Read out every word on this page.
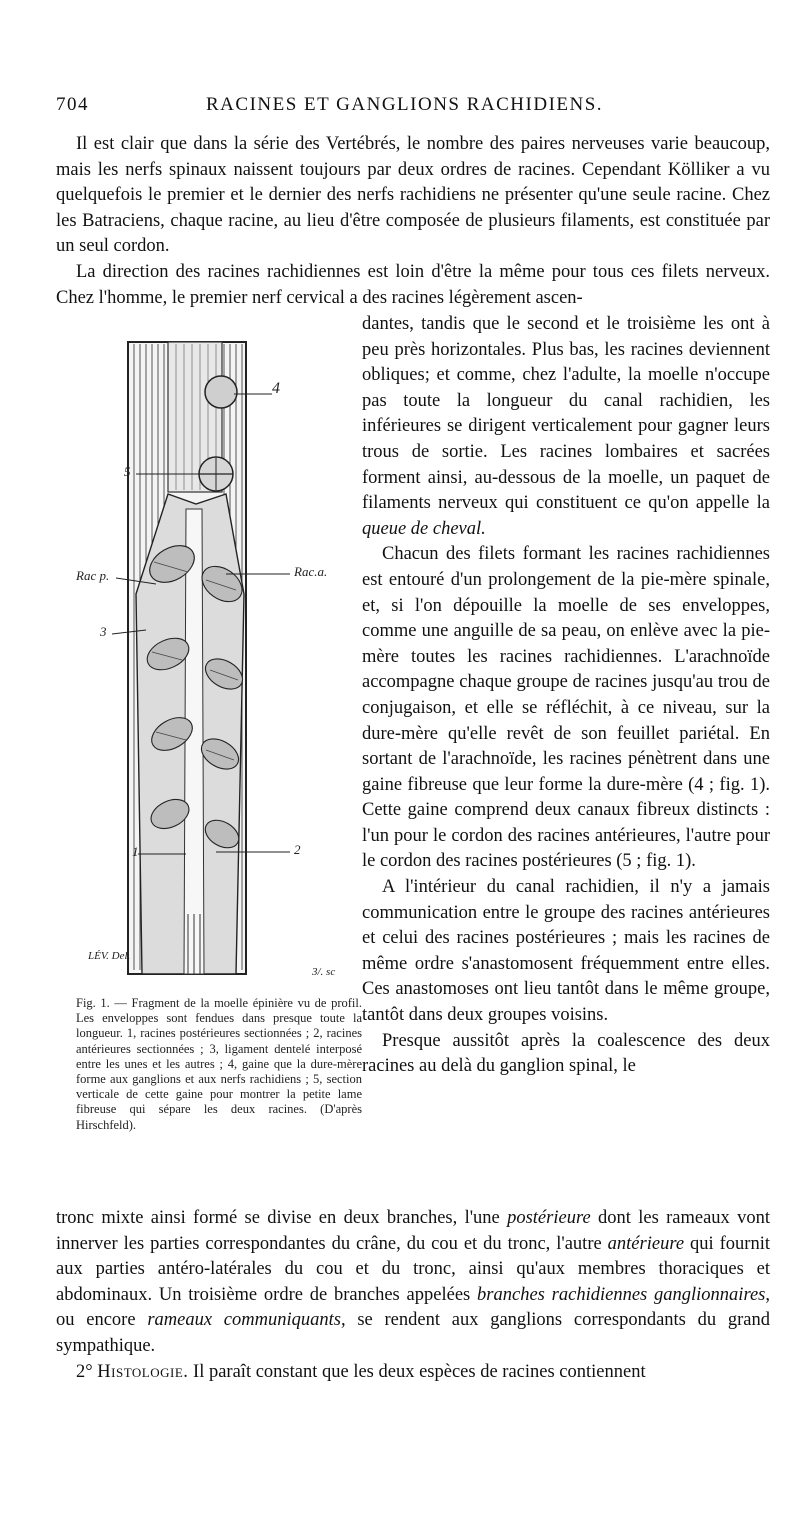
704	RACINES ET GANGLIONS RACHIDIENS.

Il est clair que dans la série des Vertébrés, le nombre des paires nerveuses varie beaucoup, mais les nerfs spinaux naissent toujours par deux ordres de racines. Cependant Kölliker a vu quelquefois le premier et le dernier des nerfs rachidiens ne présenter qu'une seule racine. Chez les Batraciens, chaque racine, au lieu d'être composée de plusieurs filaments, est constituée par un seul cordon.

La direction des racines rachidiennes est loin d'être la même pour tous ces filets nerveux. Chez l'homme, le premier nerf cervical a des racines légèrement ascen-

4
5
Rac p.	Rac.a.
3
1	2
LÉV. Del.
3/. sc
Fig. 1. — Fragment de la moelle épinière vu de profil. Les enveloppes sont fendues dans presque toute la longueur. 1, racines postérieures sectionnées ; 2, racines antérieures sectionnées ; 3, ligament dentelé interposé entre les unes et les autres ; 4, gaine que la dure-mère forme aux ganglions et aux nerfs rachidiens ; 5, section verticale de cette gaine pour montrer la petite lame fibreuse qui sépare les deux racines. (D'après Hirschfeld).

dantes, tandis que le second et le troisième les ont à peu près horizontales. Plus bas, les racines deviennent obliques; et comme, chez l'adulte, la moelle n'occupe pas toute la longueur du canal rachidien, les inférieures se dirigent verticalement pour gagner leurs trous de sortie. Les racines lombaires et sacrées forment ainsi, au-dessous de la moelle, un paquet de filaments nerveux qui constituent ce qu'on appelle la queue de cheval.

Chacun des filets formant les racines rachidiennes est entouré d'un prolongement de la pie-mère spinale, et, si l'on dépouille la moelle de ses enveloppes, comme une anguille de sa peau, on enlève avec la pie-mère toutes les racines rachidiennes. L'arachnoïde accompagne chaque groupe de racines jusqu'au trou de conjugaison, et elle se réfléchit, à ce niveau, sur la dure-mère qu'elle revêt de son feuillet pariétal. En sortant de l'arachnoïde, les racines pénètrent dans une gaine fibreuse que leur forme la dure-mère (4 ; fig. 1). Cette gaine comprend deux canaux fibreux distincts : l'un pour le cordon des racines antérieures, l'autre pour le cordon des racines postérieures (5 ; fig. 1).

A l'intérieur du canal rachidien, il n'y a jamais communication entre le groupe des racines antérieures et celui des racines postérieures ; mais les racines de même ordre s'anastomosent fréquemment entre elles. Ces anastomoses ont lieu tantôt dans le même groupe, tantôt dans deux groupes voisins.

Presque aussitôt après la coalescence des deux racines au delà du ganglion spinal, le

tronc mixte ainsi formé se divise en deux branches, l'une postérieure dont les rameaux vont innerver les parties correspondantes du crâne, du cou et du tronc, l'autre antérieure qui fournit aux parties antéro-latérales du cou et du tronc, ainsi qu'aux membres thoraciques et abdominaux. Un troisième ordre de branches appelées branches rachidiennes ganglionnaires, ou encore rameaux communiquants, se rendent aux ganglions correspondants du grand sympathique.

2° Histologie. Il paraît constant que les deux espèces de racines contiennent
